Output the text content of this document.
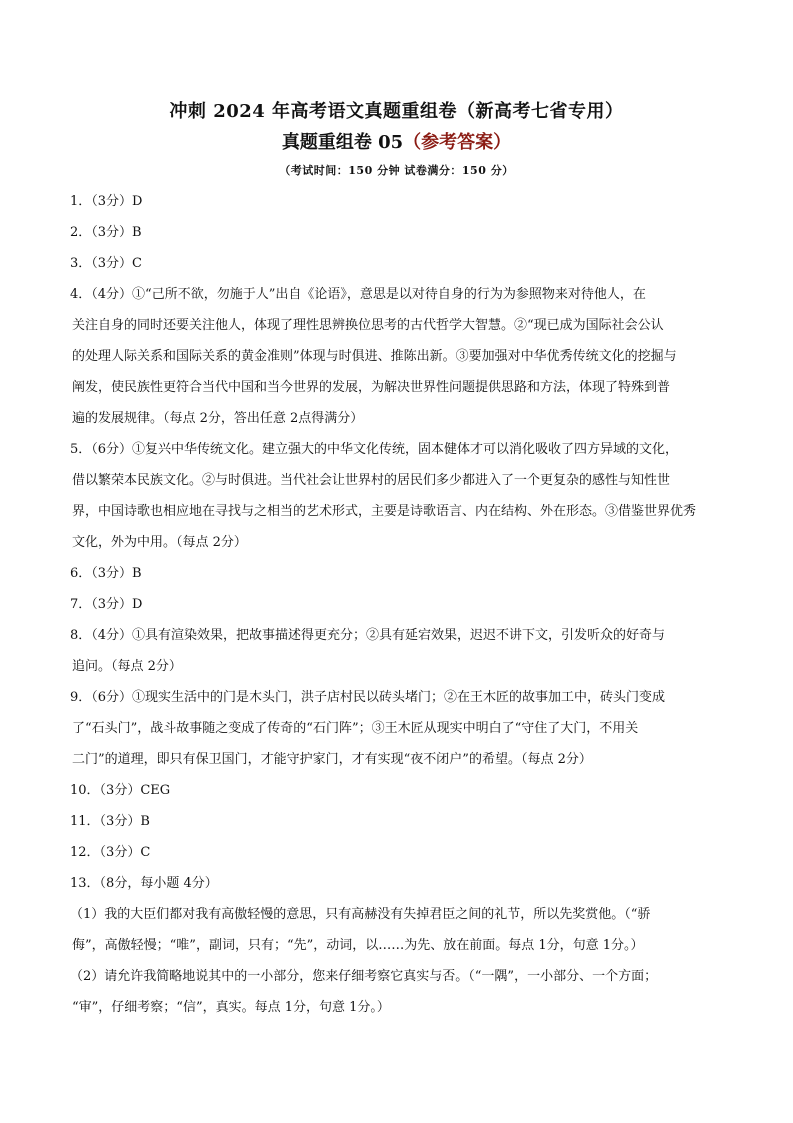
冲刺 2024 年高考语文真题重组卷（新高考七省专用）
真题重组卷 05（参考答案）
（考试时间：150 分钟 试卷满分：150 分）
1．（3分）D
2．（3分）B
3．（3分）C
4．（4分）①“己所不欲，勿施于人”出自《论语》，意思是以对待自身的行为为参照物来对待他人，在
关注自身的同时还要关注他人，体现了理性思辨换位思考的古代哲学大智慧。②“现已成为国际社会公认
的处理人际关系和国际关系的黄金准则”体现与时俱进、推陈出新。③要加强对中华优秀传统文化的挖掘与
阐发，使民族性更符合当代中国和当今世界的发展，为解决世界性问题提供思路和方法，体现了特殊到普
遍的发展规律。（每点 2分，答出任意 2点得满分）
5．（6分）①复兴中华传统文化。建立强大的中华文化传统，固本健体才可以消化吸收了四方异域的文化，
借以繁荣本民族文化。②与时俱进。当代社会让世界村的居民们多少都进入了一个更复杂的感性与知性世
界，中国诗歌也相应地在寻找与之相当的艺术形式，主要是诗歌语言、内在结构、外在形态。③借鉴世界优秀
文化，外为中用。（每点 2分）
6．（3分）B
7．（3分）D
8．（4分）①具有渲染效果，把故事描述得更充分；②具有延宕效果，迟迟不讲下文，引发听众的好奇与
追问。（每点 2分）
9．（6分）①现实生活中的门是木头门，洪子店村民以砖头堵门；②在王木匠的故事加工中，砖头门变成
了“石头门”，战斗故事随之变成了传奇的“石门阵”；③王木匠从现实中明白了“守住了大门，不用关
二门”的道理，即只有保卫国门，才能守护家门，才有实现“夜不闭户”的希望。（每点 2分）
10．（3分）CEG
11．（3分）B
12．（3分）C
13．（8分，每小题 4分）
（1）我的大臣们都对我有高傲轻慢的意思，只有高赫没有失掉君臣之间的礼节，所以先奖赏他。（“骄
侮”，高傲轻慢；“唯”，副词，只有；“先”，动词，以……为先、放在前面。每点 1分，句意 1分。）
（2）请允许我简略地说其中的一小部分，您来仔细考察它真实与否。（“一隅”，一小部分、一个方面；
“审”，仔细考察；“信”，真实。每点 1分，句意 1分。）
